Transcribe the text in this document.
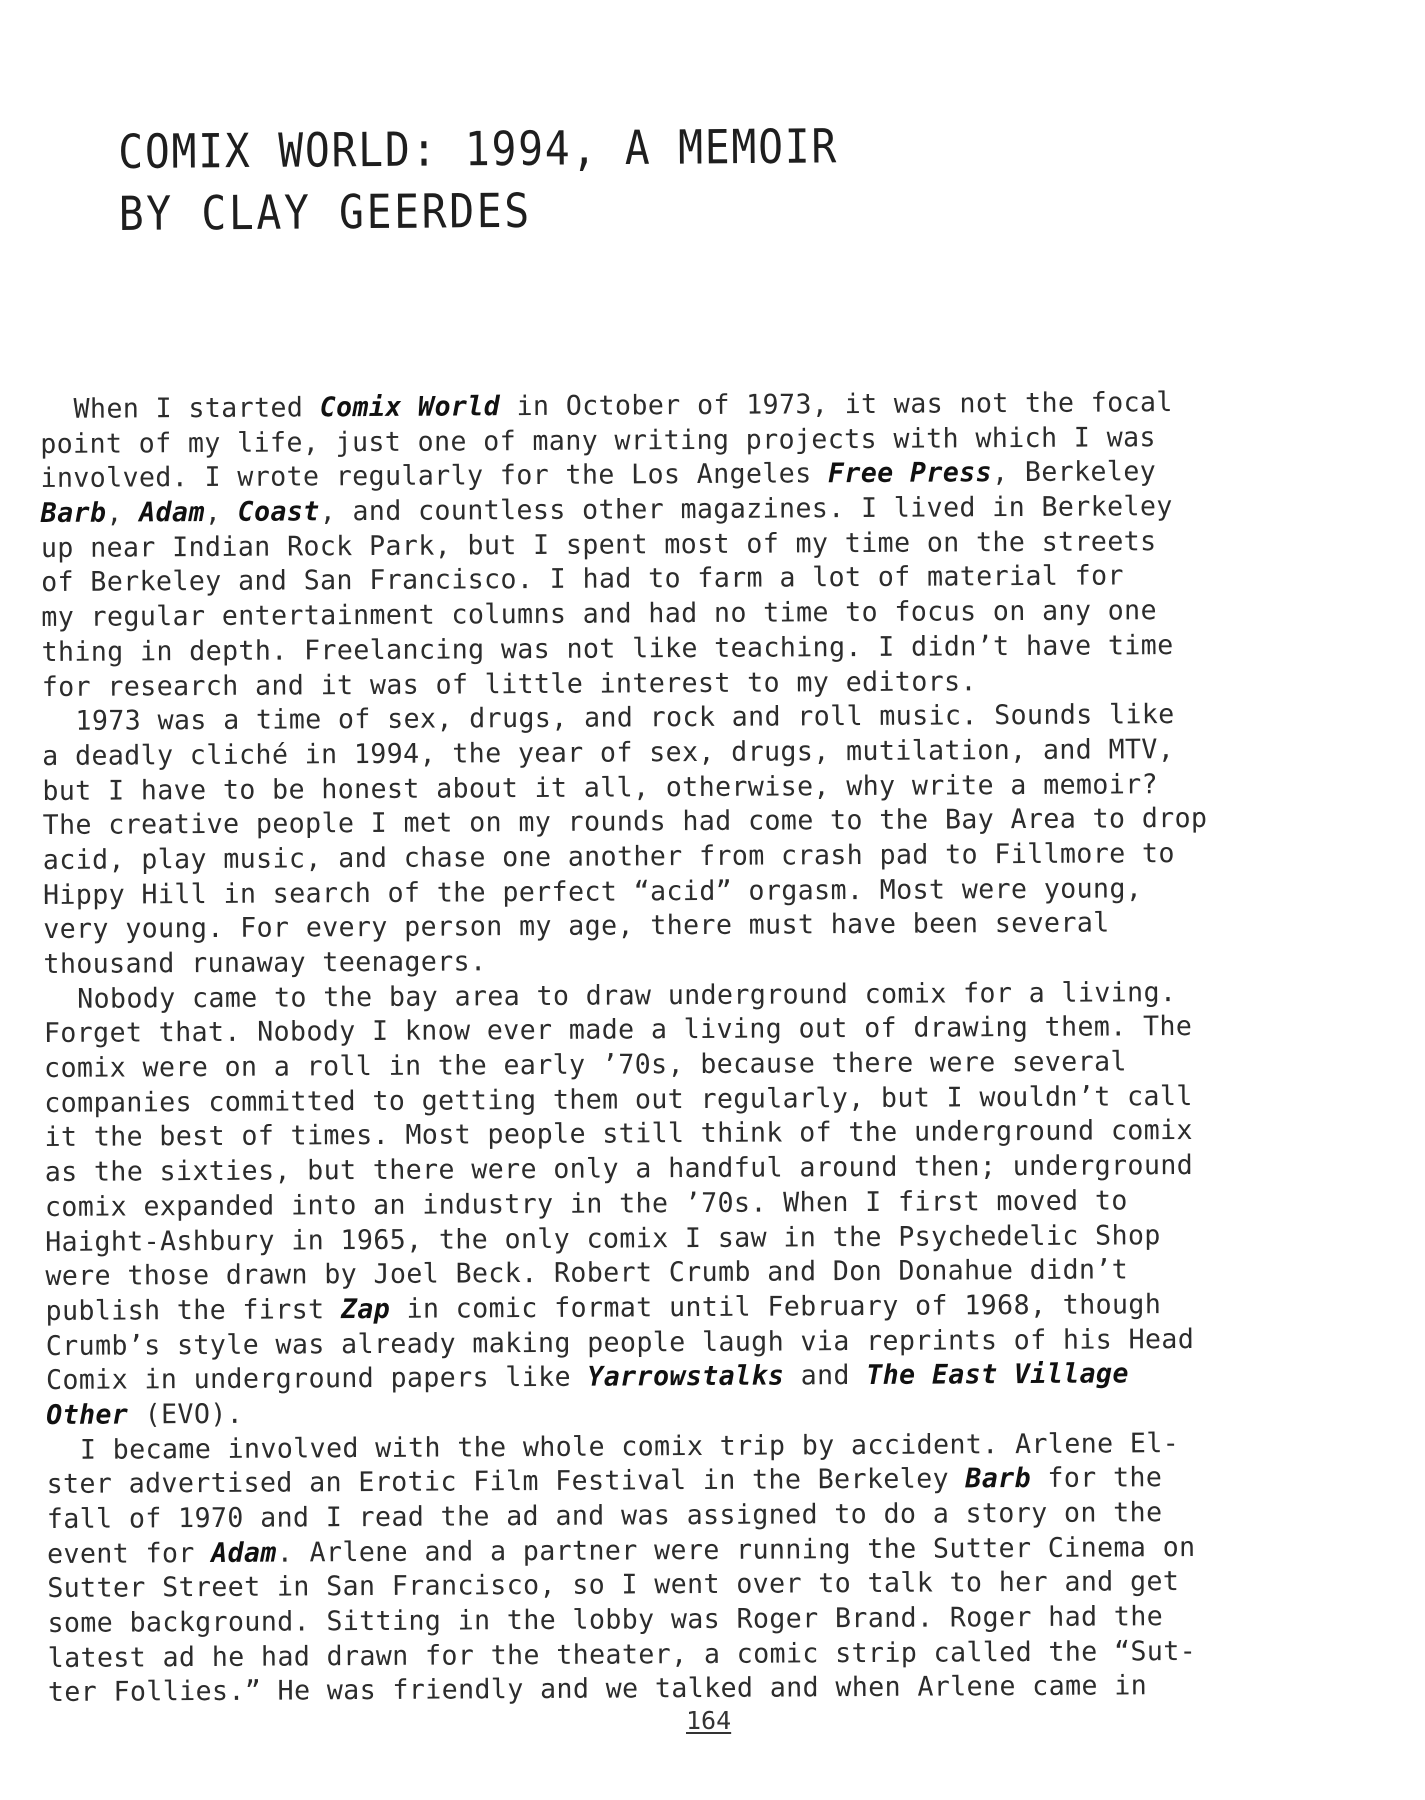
COMIX WORLD: 1994, A MEMOIR
BY CLAY GEERDES
When I started Comix World in October of 1973, it was not the focal
point of my life, just one of many writing projects with which I was
involved. I wrote regularly for the Los Angeles Free Press, Berkeley
Barb, Adam, Coast, and countless other magazines. I lived in Berkeley
up near Indian Rock Park, but I spent most of my time on the streets
of Berkeley and San Francisco. I had to farm a lot of material for
my regular entertainment columns and had no time to focus on any one
thing in depth. Freelancing was not like teaching. I didn’t have time
for research and it was of little interest to my editors.
1973 was a time of sex, drugs, and rock and roll music. Sounds like
a deadly cliché in 1994, the year of sex, drugs, mutilation, and MTV,
but I have to be honest about it all, otherwise, why write a memoir?
The creative people I met on my rounds had come to the Bay Area to drop
acid, play music, and chase one another from crash pad to Fillmore to
Hippy Hill in search of the perfect “acid” orgasm. Most were young,
very young. For every person my age, there must have been several
thousand runaway teenagers.
Nobody came to the bay area to draw underground comix for a living.
Forget that. Nobody I know ever made a living out of drawing them. The
comix were on a roll in the early ’70s, because there were several
companies committed to getting them out regularly, but I wouldn’t call
it the best of times. Most people still think of the underground comix
as the sixties, but there were only a handful around then; underground
comix expanded into an industry in the ’70s. When I first moved to
Haight-Ashbury in 1965, the only comix I saw in the Psychedelic Shop
were those drawn by Joel Beck. Robert Crumb and Don Donahue didn’t
publish the first Zap in comic format until February of 1968, though
Crumb’s style was already making people laugh via reprints of his Head
Comix in underground papers like Yarrowstalks and The East Village
Other (EVO).
I became involved with the whole comix trip by accident. Arlene El-
ster advertised an Erotic Film Festival in the Berkeley Barb for the
fall of 1970 and I read the ad and was assigned to do a story on the
event for Adam. Arlene and a partner were running the Sutter Cinema on
Sutter Street in San Francisco, so I went over to talk to her and get
some background. Sitting in the lobby was Roger Brand. Roger had the
latest ad he had drawn for the theater, a comic strip called the “Sut-
ter Follies.” He was friendly and we talked and when Arlene came in
164
